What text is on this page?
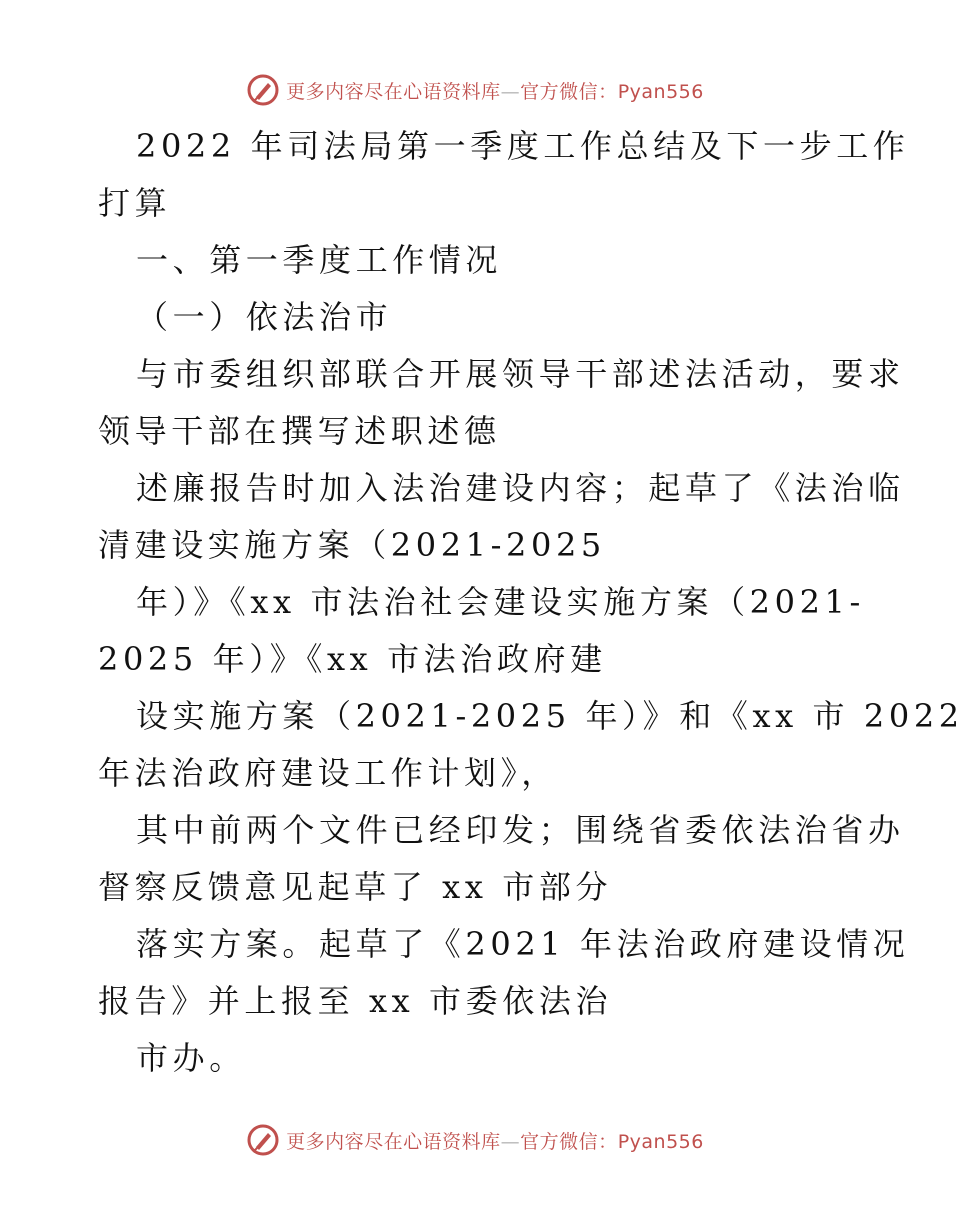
更多内容尽在心语资料库—官方微信：Pyan556

2022 年司法局第一季度工作总结及下一步工作
打算

一、第一季度工作情况

（一）依法治市

与市委组织部联合开展领导干部述法活动，要求
领导干部在撰写述职述德

述廉报告时加入法治建设内容；起草了《法治临
清建设实施方案（2021-2025

年）》《xx 市法治社会建设实施方案（2021-
2025 年）》《xx 市法治政府建

设实施方案（2021-2025 年）》和《xx 市 2022
年法治政府建设工作计划》，

其中前两个文件已经印发；围绕省委依法治省办
督察反馈意见起草了 xx 市部分

落实方案。起草了《2021 年法治政府建设情况
报告》并上报至 xx 市委依法治

市办。

更多内容尽在心语资料库—官方微信：Pyan556
